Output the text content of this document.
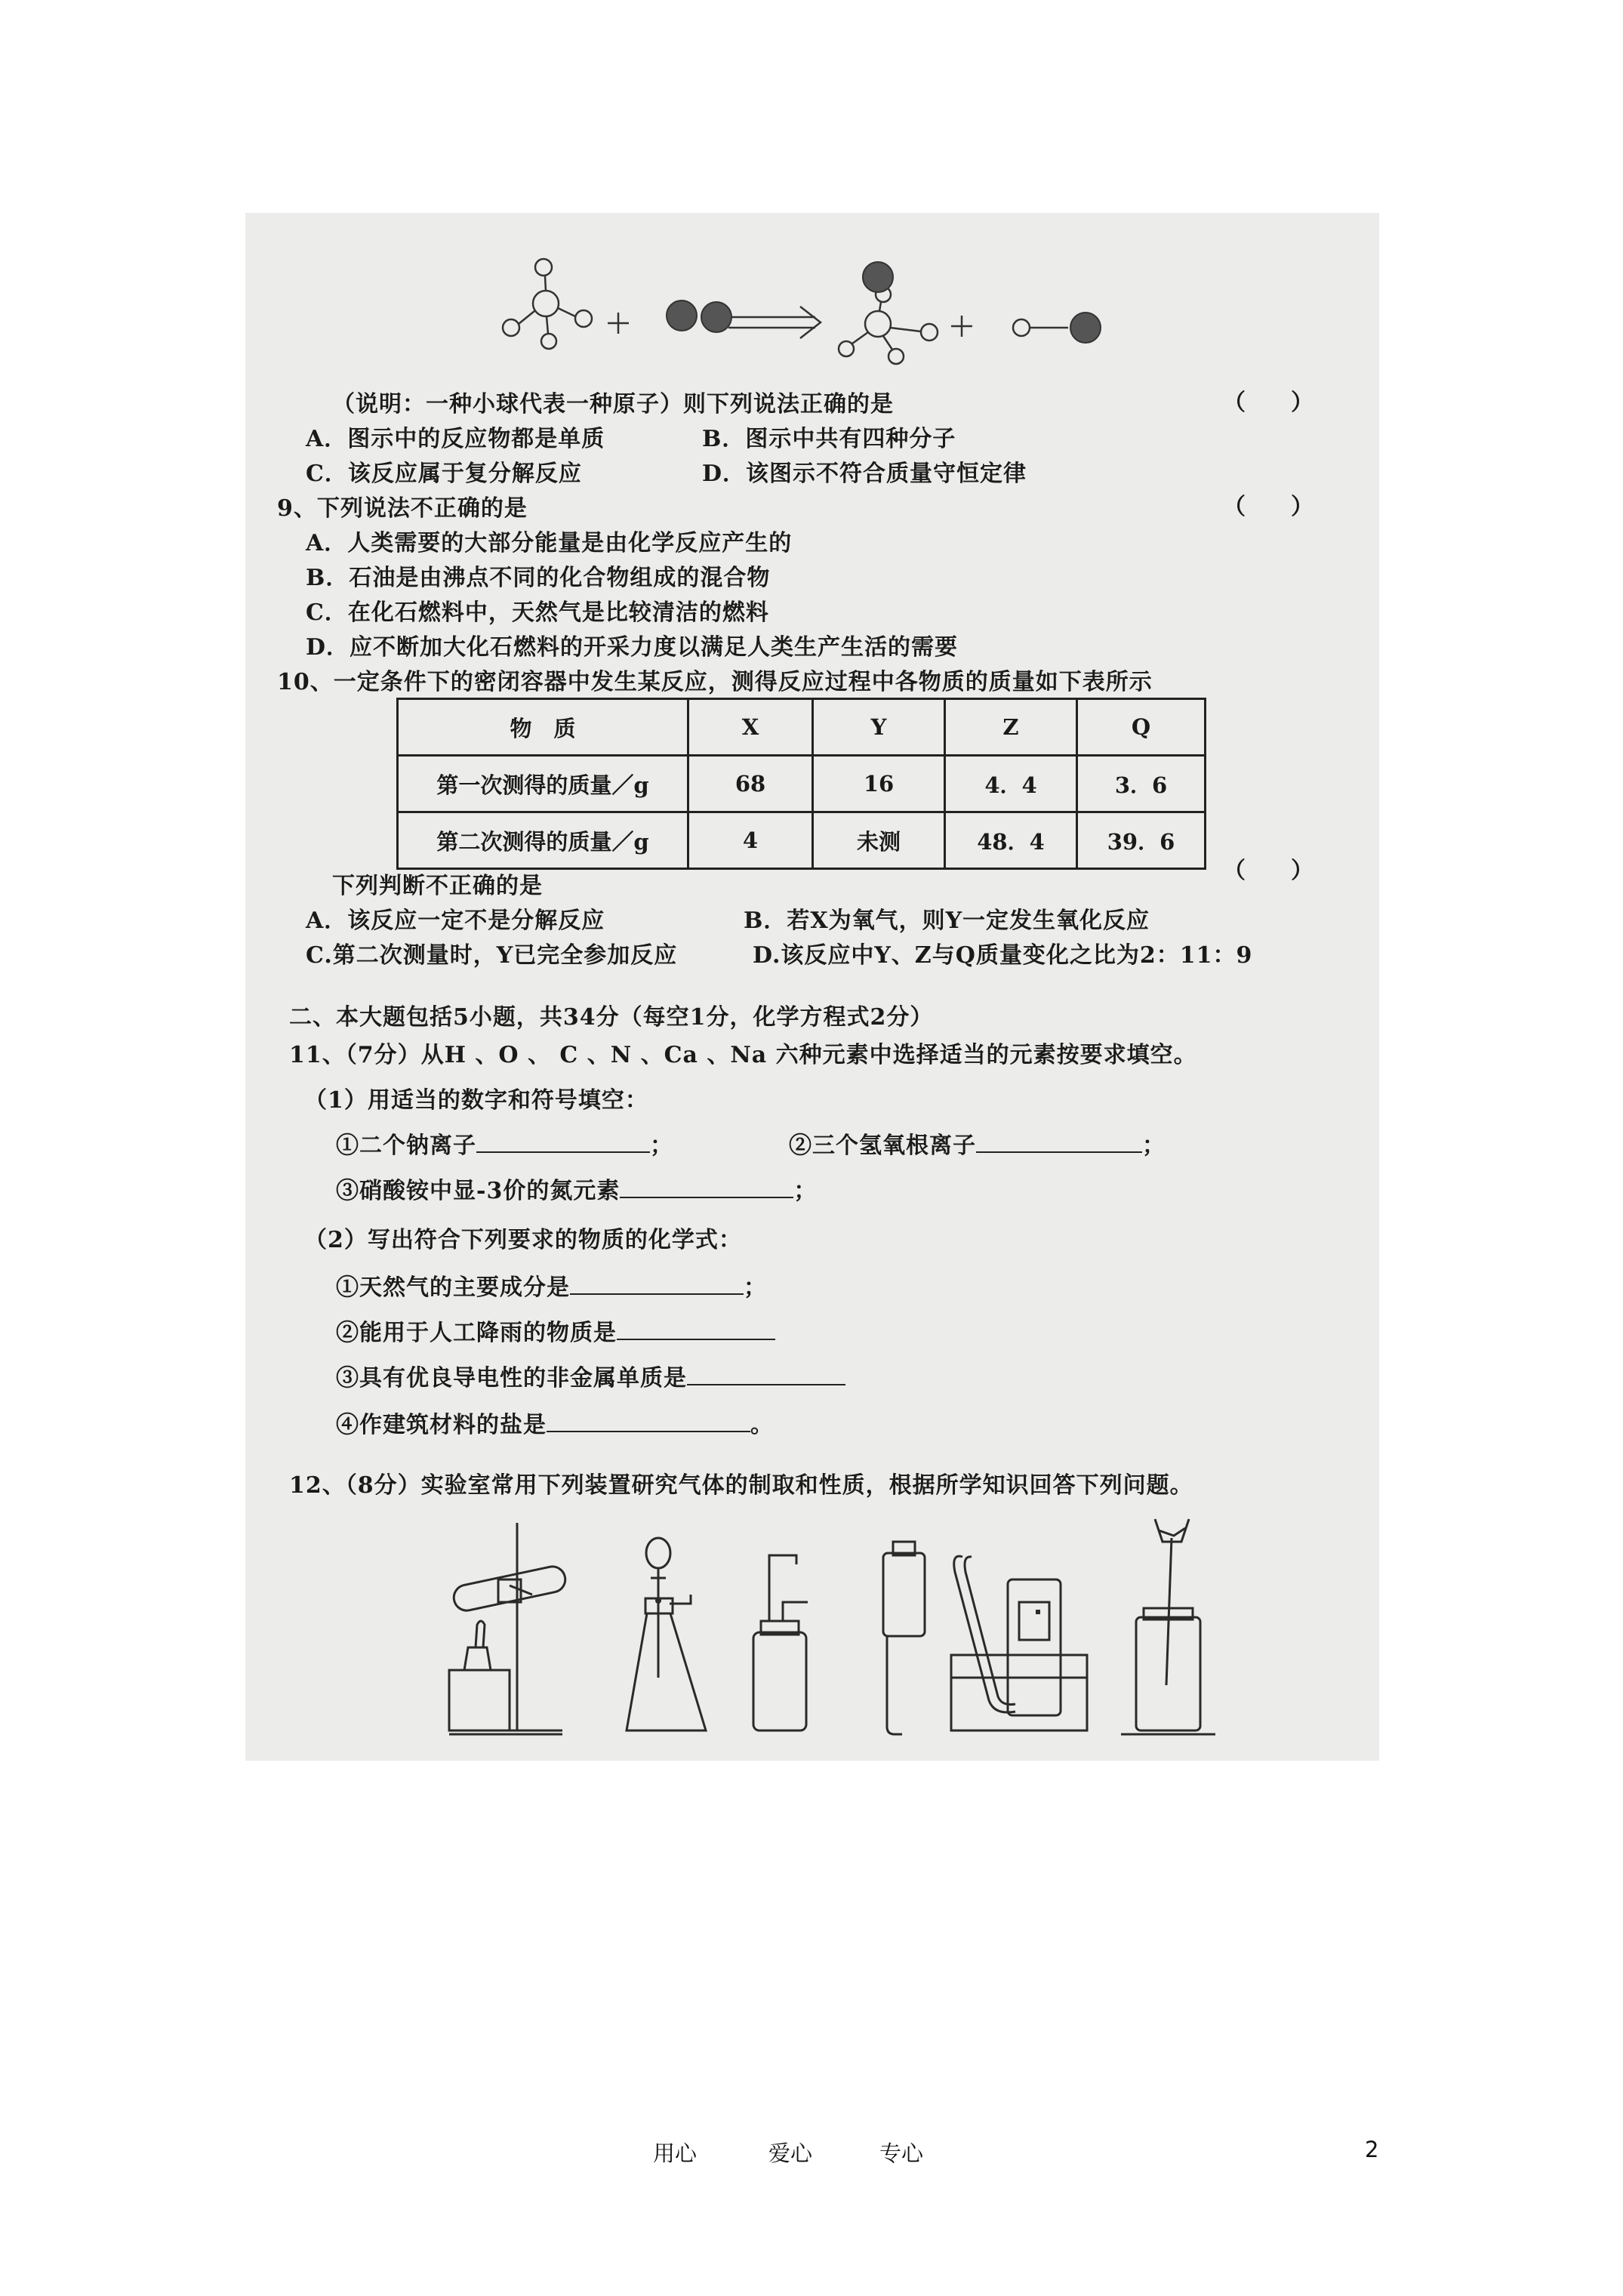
（说明：一种小球代表一种原子）则下列说法正确的是	（　　）
A．图示中的反应物都是单质	B．图示中共有四种分子
C．该反应属于复分解反应	D．该图示不符合质量守恒定律
9、下列说法不正确的是	（　　）
A．人类需要的大部分能量是由化学反应产生的
B．石油是由沸点不同的化合物组成的混合物
C．在化石燃料中，天然气是比较清洁的燃料
D．应不断加大化石燃料的开采力度以满足人类生产生活的需要
10、一定条件下的密闭容器中发生某反应，测得反应过程中各物质的质量如下表所示
物　质	X	Y	Z	Q
第一次测得的质量／g	68	16	4．4	3．6
第二次测得的质量／g	4	未测	48．4	39．6
下列判断不正确的是
（　　）
A．该反应一定不是分解反应	B．若X为氧气，则Y一定发生氧化反应
C.第二次测量时，Y已完全参加反应	D.该反应中Y、Z与Q质量变化之比为2：11：9
二、本大题包括5小题，共34分（每空1分，化学方程式2分）
11、（7分）从H 、O 、 C 、N 、Ca 、Na 六种元素中选择适当的元素按要求填空。
（1）用适当的数字和符号填空：
①二个钠离子	；	②三个氢氧根离子	；
③硝酸铵中显-3价的氮元素	；
（2）写出符合下列要求的物质的化学式：
①天然气的主要成分是	；
②能用于人工降雨的物质是
③具有优良导电性的非金属单质是
④作建筑材料的盐是	。
12、（8分）实验室常用下列装置研究气体的制取和性质，根据所学知识回答下列问题。
用心	爱心	专心	2
